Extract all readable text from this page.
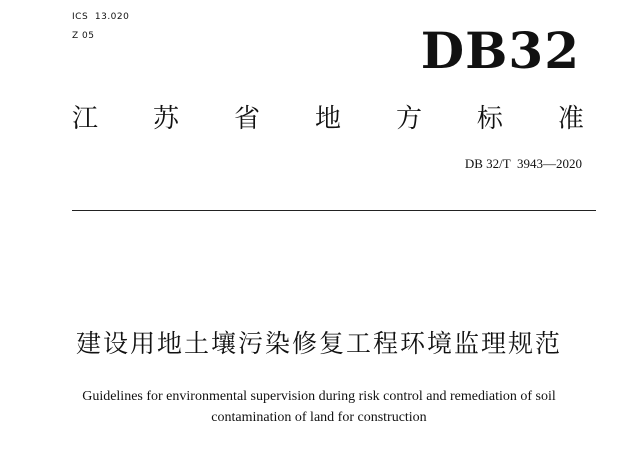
ICS  13.020
Z 05	DB32
江 苏 省 地 方 标 准
DB 32/T  3943—2020
建设用地土壤污染修复工程环境监理规范
Guidelines for environmental supervision during risk control and remediation of soil
contamination of land for construction
